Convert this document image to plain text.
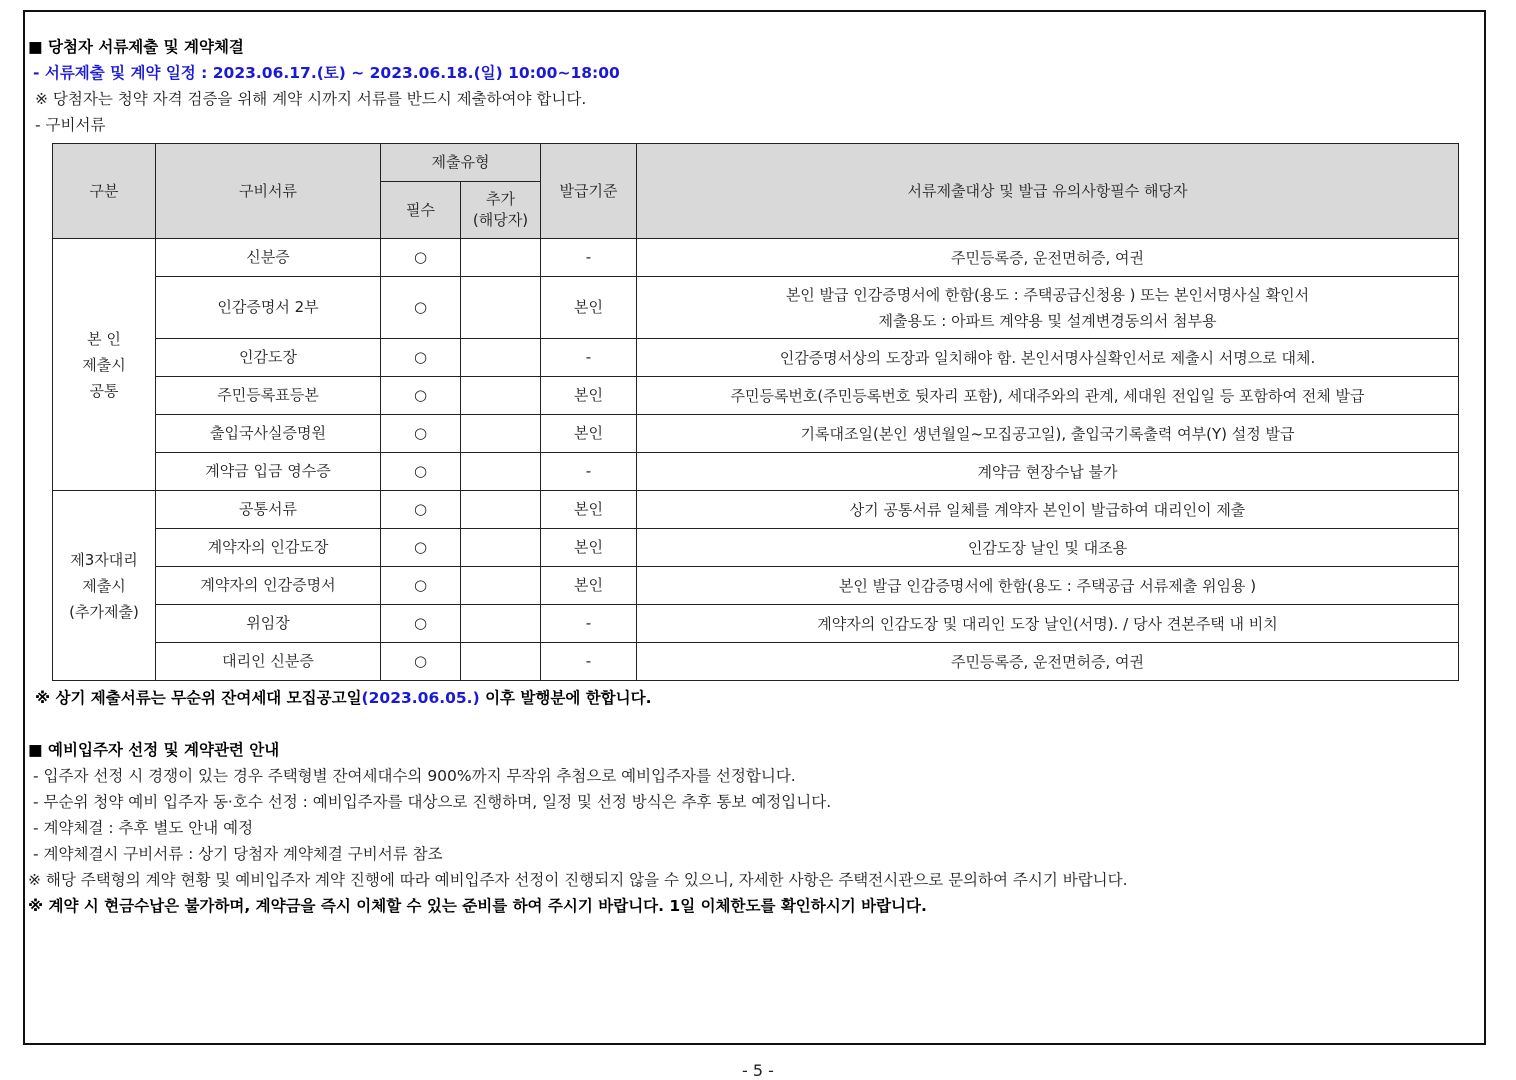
■ 당첨자 서류제출 및 계약체결
- 서류제출 및 계약 일정 : 2023.06.17.(토) ~ 2023.06.18.(일) 10:00~18:00
※ 당첨자는 청약 자격 검증을 위해 계약 시까지 서류를 반드시 제출하여야 합니다.
- 구비서류
구분	구비서류	제출유형		발급기준	서류제출대상 및 발급 유의사항필수 해당자
		필수	추가
(해당자)		
본 인
제출시
공통	신분증	○		-	주민등록증, 운전면허증, 여권
	인감증명서 2부	○		본인	본인 발급 인감증명서에 한함(용도 : 주택공급신청용 ) 또는 본인서명사실 확인서
제출용도 : 아파트 계약용 및 설계변경동의서 첨부용
	인감도장	○		-	인감증명서상의 도장과 일치해야 함. 본인서명사실확인서로 제출시 서명으로 대체.
	주민등록표등본	○		본인	주민등록번호(주민등록번호 뒷자리 포함), 세대주와의 관계, 세대원 전입일 등 포함하여 전체 발급
	출입국사실증명원	○		본인	기록대조일(본인 생년월일~모집공고일), 출입국기록출력 여부(Y) 설정 발급
	계약금 입금 영수증	○		-	계약금 현장수납 불가
제3자대리
제출시
(추가제출)	공통서류	○		본인	상기 공통서류 일체를 계약자 본인이 발급하여 대리인이 제출
	계약자의 인감도장	○		본인	인감도장 날인 및 대조용
	계약자의 인감증명서	○		본인	본인 발급 인감증명서에 한함(용도 : 주택공급 서류제출 위임용 )
	위임장	○		-	계약자의 인감도장 및 대리인 도장 날인(서명). / 당사 견본주택 내 비치
	대리인 신분증	○		-	주민등록증, 운전면허증, 여권
※ 상기 제출서류는 무순위 잔여세대 모집공고일(2023.06.05.) 이후 발행분에 한합니다.
■ 예비입주자 선정 및 계약관련 안내
- 입주자 선정 시 경쟁이 있는 경우 주택형별 잔여세대수의 900%까지 무작위 추첨으로 예비입주자를 선정합니다.
- 무순위 청약 예비 입주자 동·호수 선정 : 예비입주자를 대상으로 진행하며, 일정 및 선정 방식은 추후 통보 예정입니다.
- 계약체결 : 추후 별도 안내 예정
- 계약체결시 구비서류 : 상기 당첨자 계약체결 구비서류 참조
※ 해당 주택형의 계약 현황 및 예비입주자 계약 진행에 따라 예비입주자 선정이 진행되지 않을 수 있으니, 자세한 사항은 주택전시관으로 문의하여 주시기 바랍니다.
※ 계약 시 현금수납은 불가하며, 계약금을 즉시 이체할 수 있는 준비를 하여 주시기 바랍니다. 1일 이체한도를 확인하시기 바랍니다.
- 5 -
